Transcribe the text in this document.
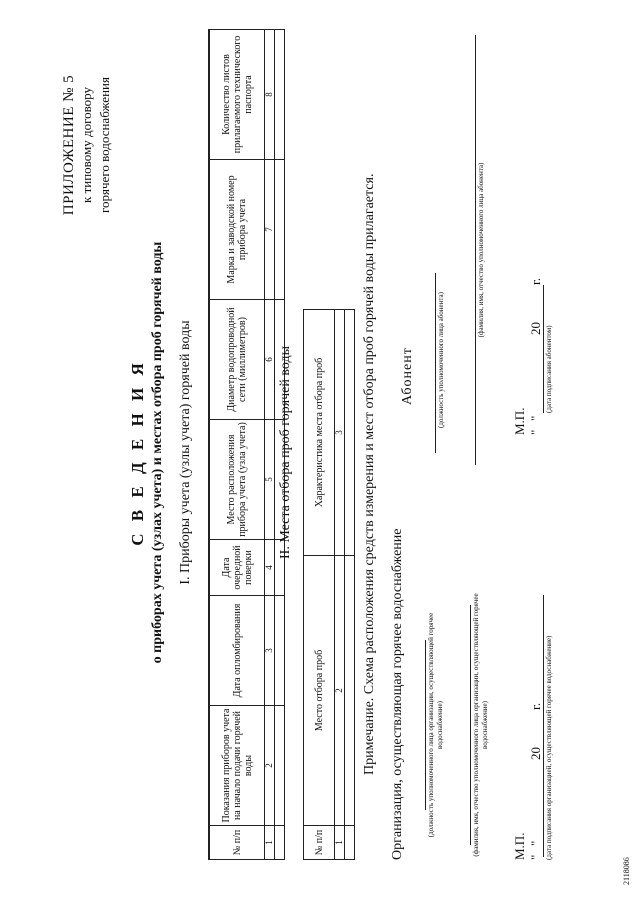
ПРИЛОЖЕНИЕ № 5 к типовому договору горячего водоснабжения
С В Е Д Е Н И Я о приборах учета (узлах учета) и местах отбора проб горячей воды I. Приборы учета (узлы учета) горячей воды
№ п/п	Показания приборов учета на начало подачи горячей воды	Дата опломбирования	Дата очередной поверки	Место расположения прибора учета (узла учета)	Диаметр водопроводной сети (миллиметров)	Марка и заводской номер прибора учета	Количество листов прилагаемого технического паспорта
1	2	3	4	5	6	7	8

II. Места отбора проб горячей воды
№ п/п	Место отбора проб	Характеристика места отбора проб
1	2	3
		Примечание. Схема расположения средств измерения и мест отбора проб горячей воды прилагается. Организация, осуществляющая горячее водоснабжение	(должность уполномоченного лица организации, осуществляющей горячее водоснабжение)	(фамилия, имя, отчество уполномоченного лица организации, осуществляющей горячее водоснабжение)
М.П. "
"
20
г. (дата подписания организацией, осуществляющей горячее водоснабжение)
Абонент	(должность уполномоченного лица абонента)
(фамилия, имя, отчество уполномоченного лица абонента)
М.П. "
"
20
г.
(дата подписания абонентом)
2118086
